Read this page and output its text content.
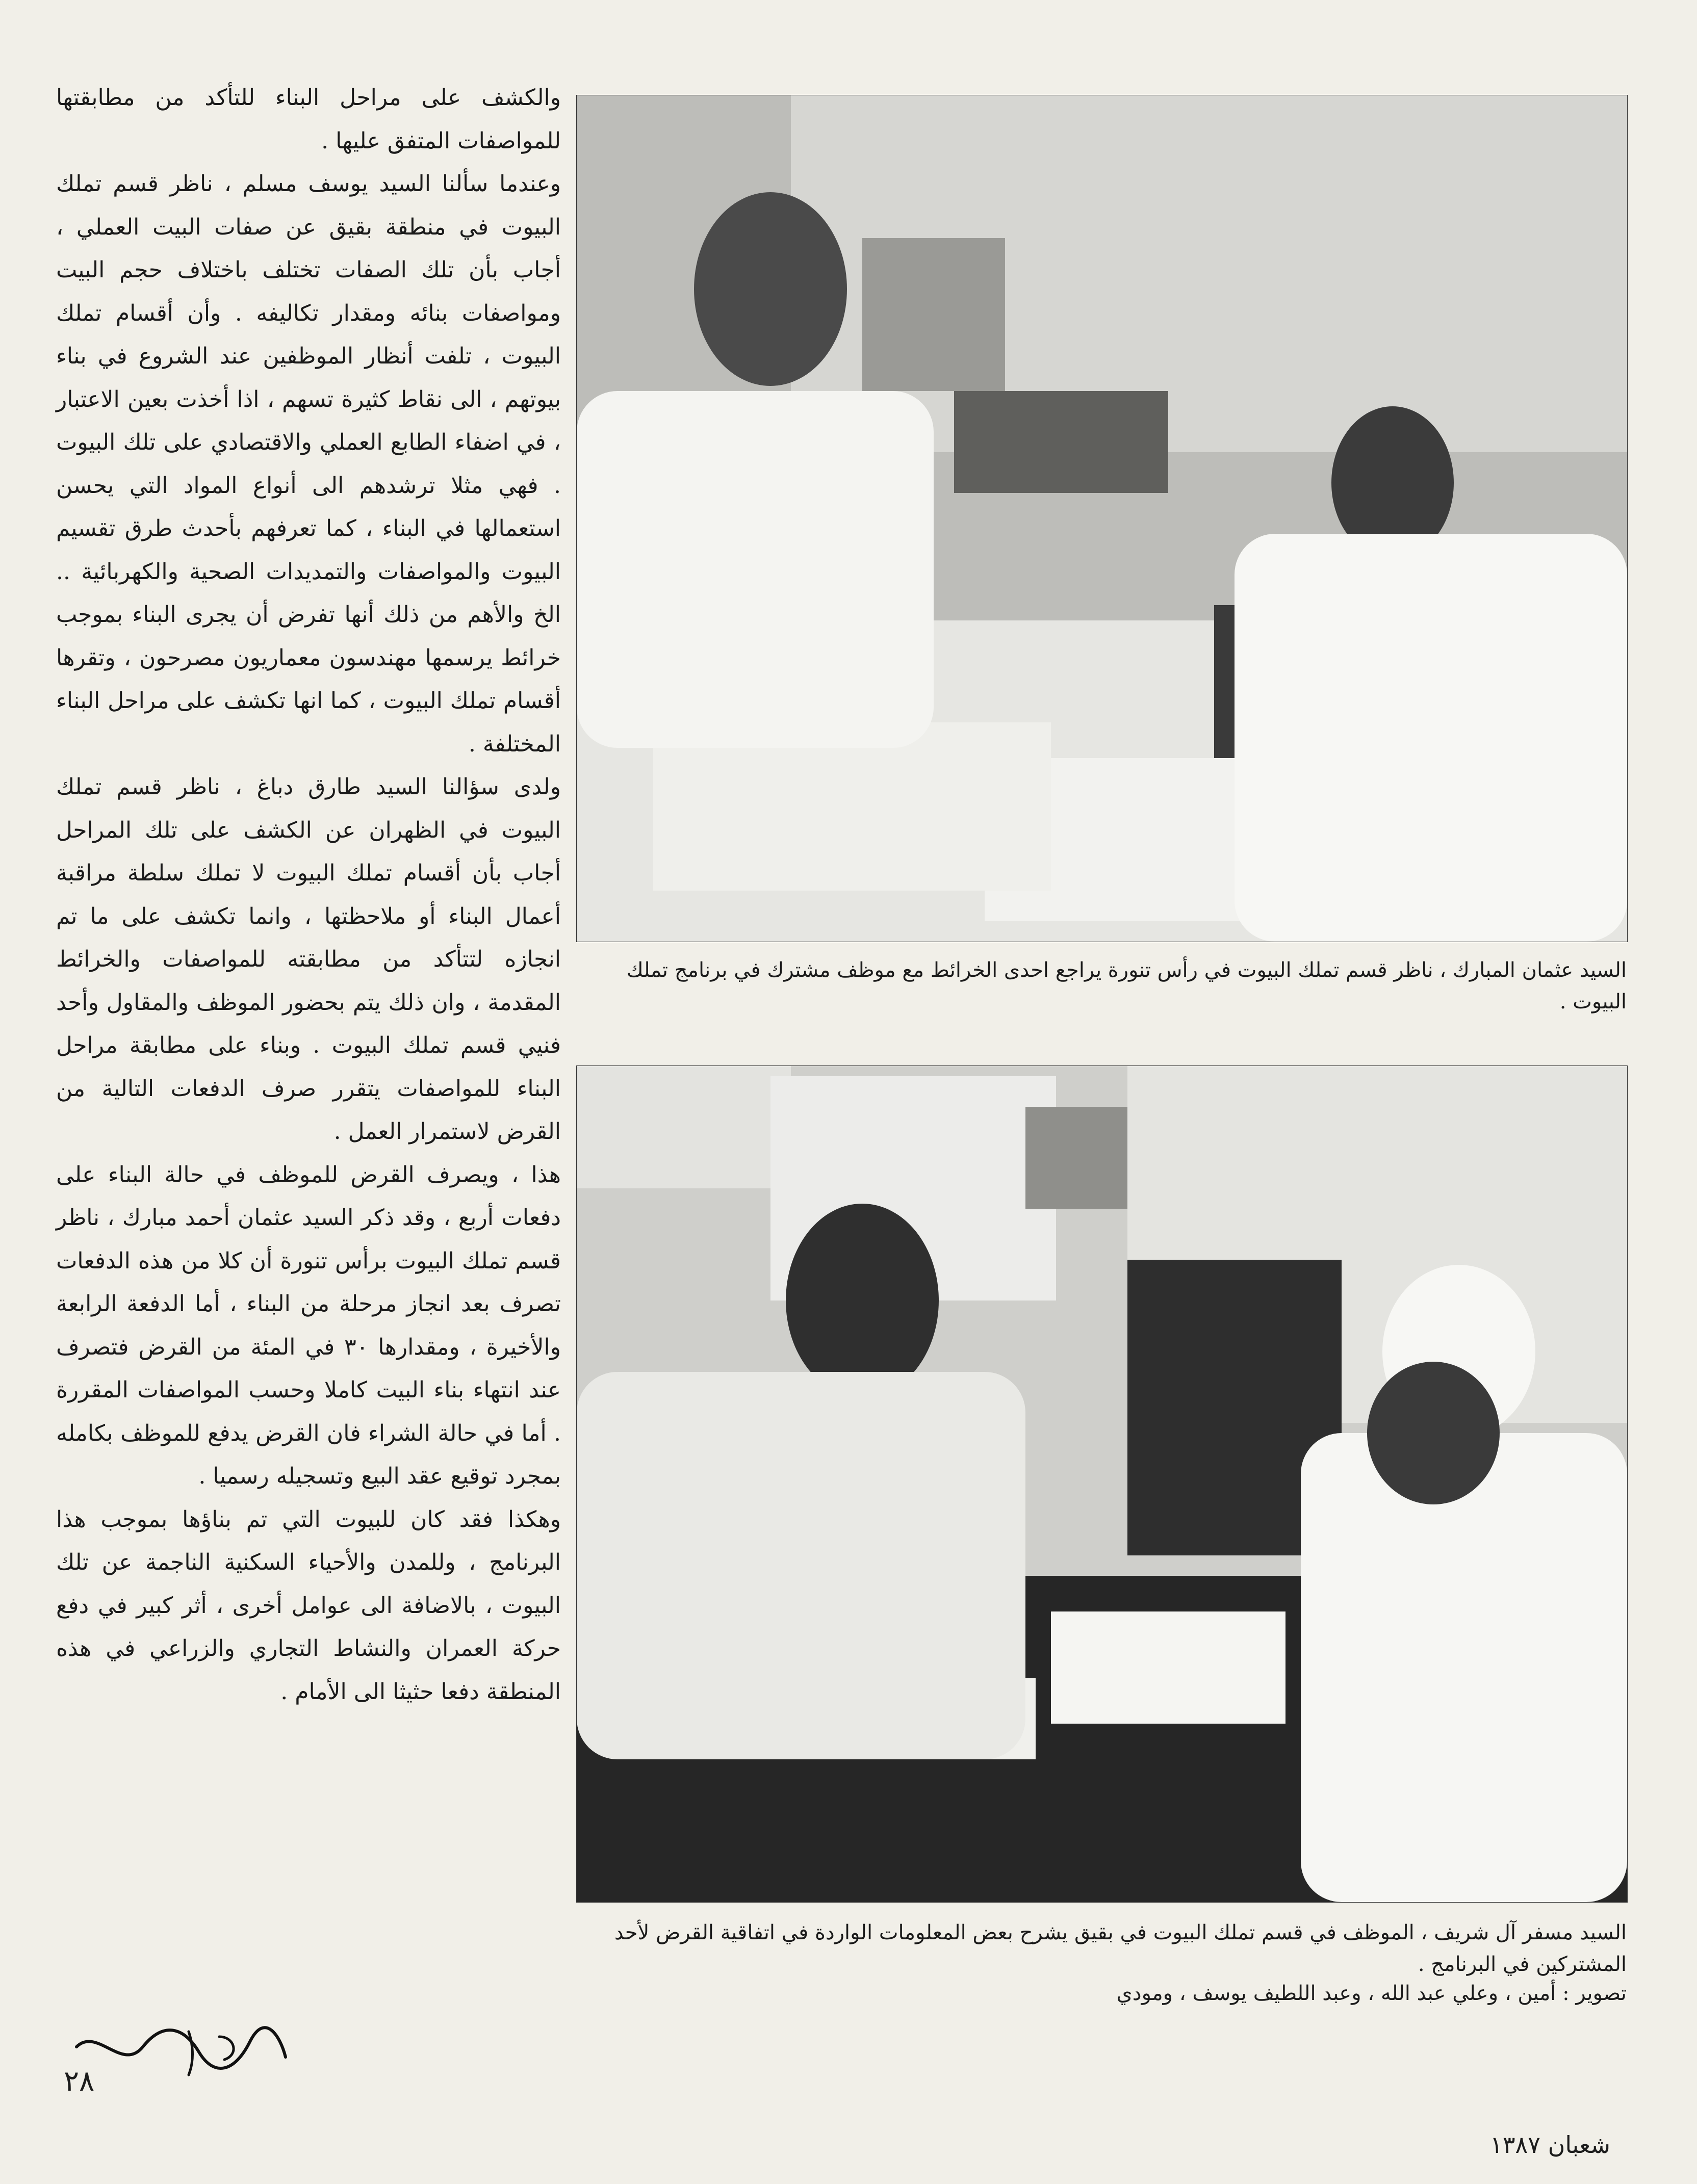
والكشف على مراحل البناء للتأكد من مطابقتها للمواصفات المتفق عليها .

وعندما سألنا السيد يوسف مسلم ، ناظر قسم تملك البيوت في منطقة بقيق عن صفات البيت العملي ، أجاب بأن تلك الصفات تختلف باختلاف حجم البيت ومواصفات بنائه ومقدار تكاليفه . وأن أقسام تملك البيوت ، تلفت أنظار الموظفين عند الشروع في بناء بيوتهم ، الى نقاط كثيرة تسهم ، اذا أخذت بعين الاعتبار ، في اضفاء الطابع العملي والاقتصادي على تلك البيوت . فهي مثلا ترشدهم الى أنواع المواد التي يحسن استعمالها في البناء ، كما تعرفهم بأحدث طرق تقسيم البيوت والمواصفات والتمديدات الصحية والكهربائية .. الخ والأهم من ذلك أنها تفرض أن يجرى البناء بموجب خرائط يرسمها مهندسون معماريون مصرحون ، وتقرها أقسام تملك البيوت ، كما انها تكشف على مراحل البناء المختلفة .

ولدى سؤالنا السيد طارق دباغ ، ناظر قسم تملك البيوت في الظهران عن الكشف على تلك المراحل أجاب بأن أقسام تملك البيوت لا تملك سلطة مراقبة أعمال البناء أو ملاحظتها ، وانما تكشف على ما تم انجازه لتتأكد من مطابقته للمواصفات والخرائط المقدمة ، وان ذلك يتم بحضور الموظف والمقاول وأحد فنيي قسم تملك البيوت . وبناء على مطابقة مراحل البناء للمواصفات يتقرر صرف الدفعات التالية من القرض لاستمرار العمل .

هذا ، ويصرف القرض للموظف في حالة البناء على دفعات أربع ، وقد ذكر السيد عثمان أحمد مبارك ، ناظر قسم تملك البيوت برأس تنورة أن كلا من هذه الدفعات تصرف بعد انجاز مرحلة من البناء ، أما الدفعة الرابعة والأخيرة ، ومقدارها ٣٠ في المئة من القرض فتصرف عند انتهاء بناء البيت كاملا وحسب المواصفات المقررة . أما في حالة الشراء فان القرض يدفع للموظف بكامله بمجرد توقيع عقد البيع وتسجيله رسميا .

وهكذا فقد كان للبيوت التي تم بناؤها بموجب هذا البرنامج ، وللمدن والأحياء السكنية الناجمة عن تلك البيوت ، بالاضافة الى عوامل أخرى ، أثر كبير في دفع حركة العمران والنشاط التجاري والزراعي في هذه المنطقة دفعا حثيثا الى الأمام .

السيد عثمان المبارك ، ناظر قسم تملك البيوت في رأس تنورة يراجع احدى الخرائط مع موظف مشترك في برنامج تملك البيوت .
السيد مسفر آل شريف ، الموظف في قسم تملك البيوت في بقيق يشرح بعض المعلومات الواردة في اتفاقية القرض لأحد المشتركين في البرنامج .
تصوير : أمين ، وعلي عبد الله ، وعبد اللطيف يوسف ، ومودي
٢٨
شعبان ١٣٨٧
